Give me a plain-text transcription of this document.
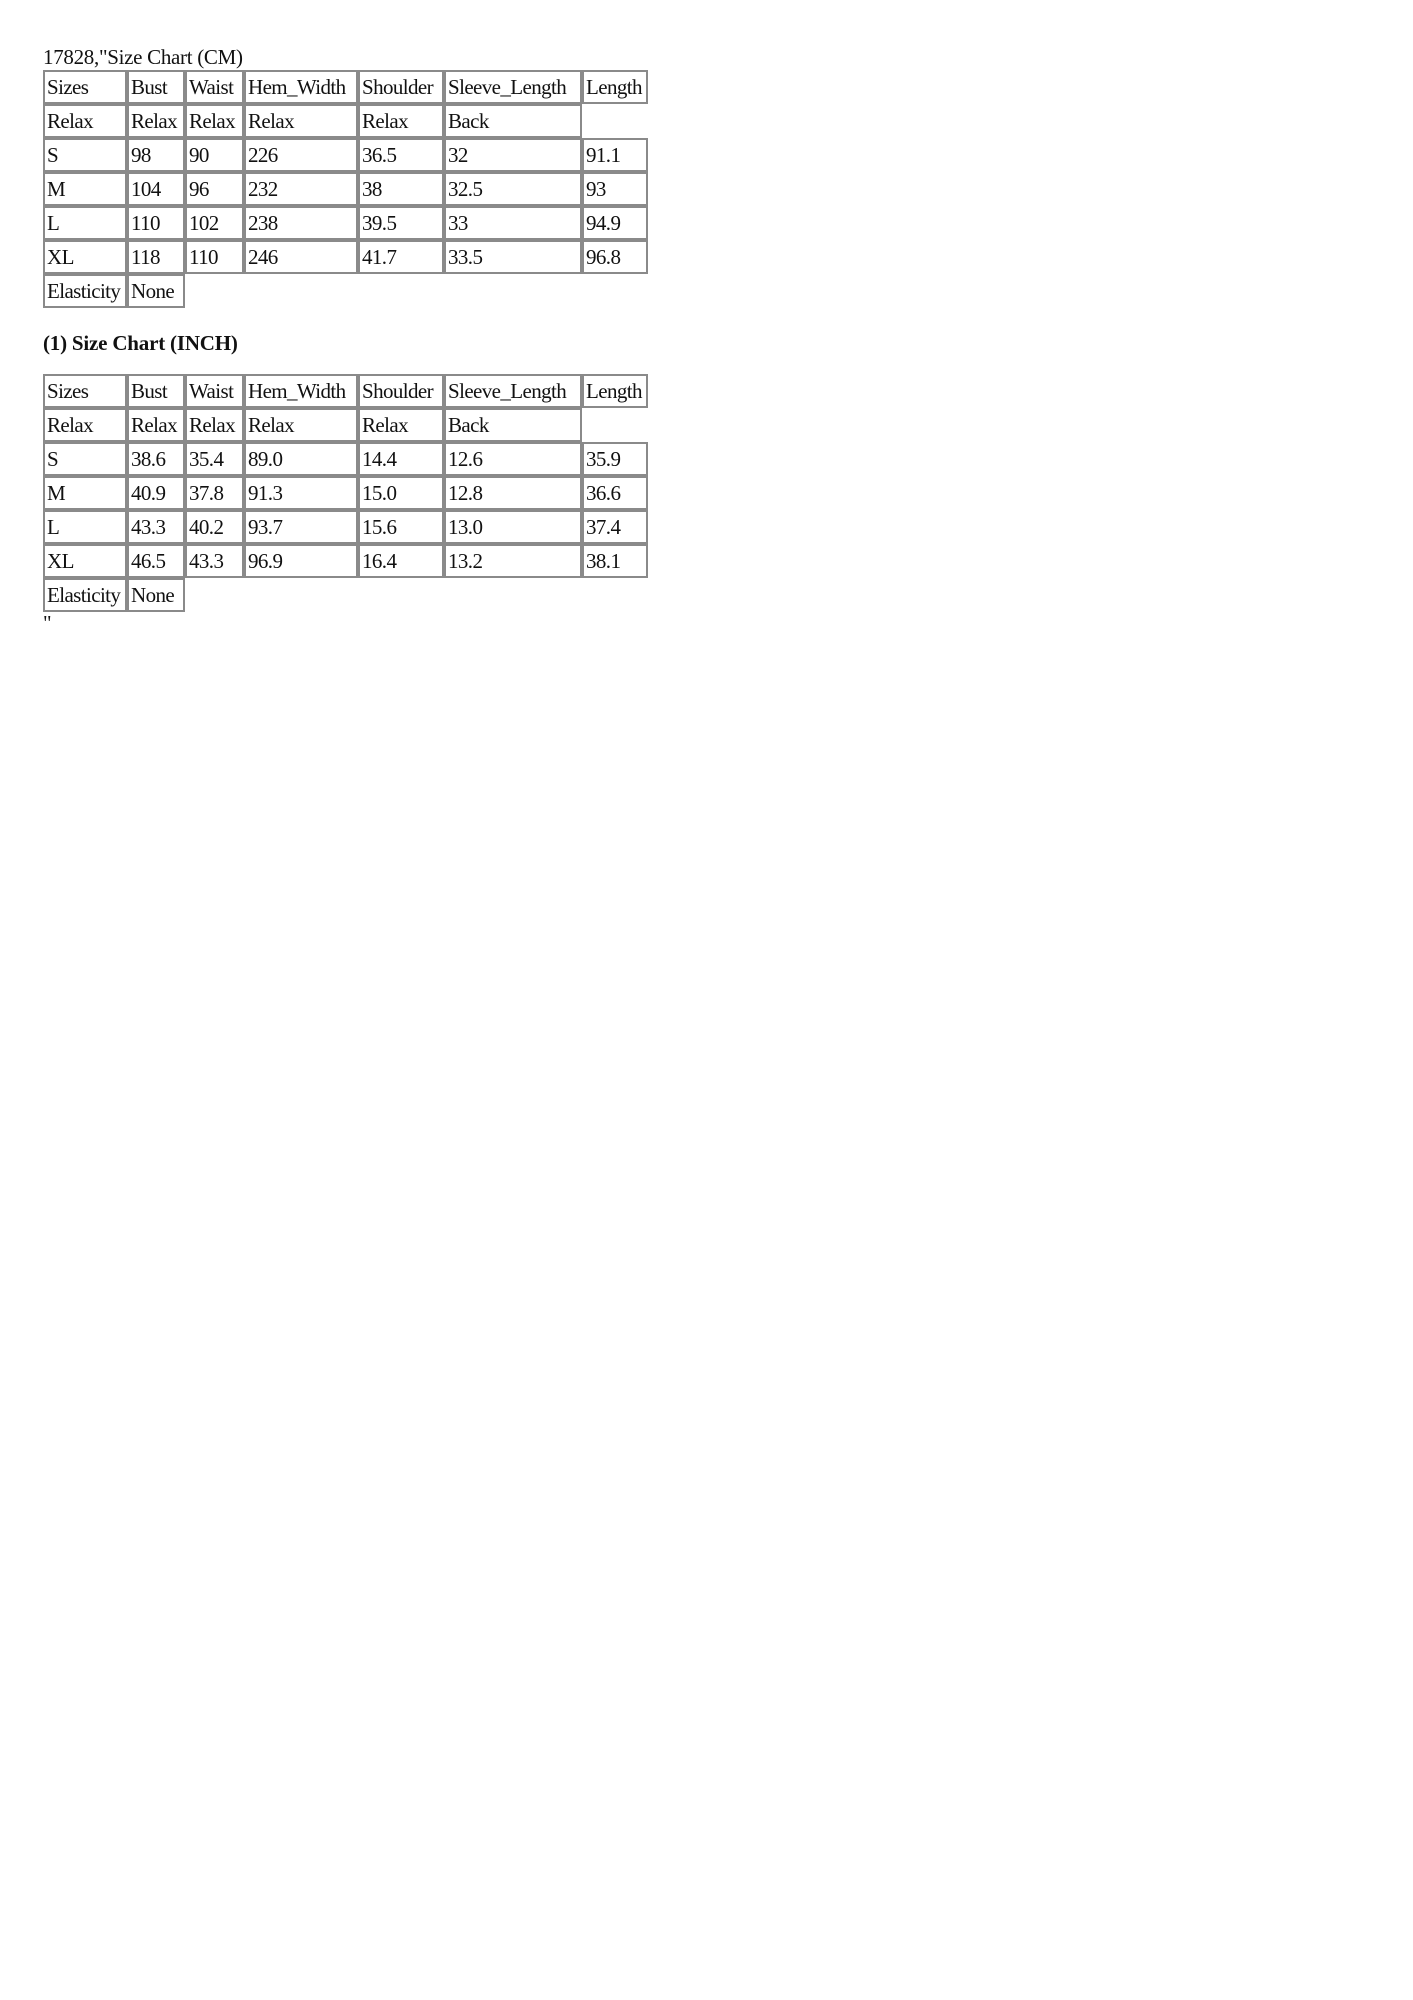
17828,"Size Chart (CM)
Sizes	Bust	Waist	Hem_Width	Shoulder	Sleeve_Length	Length
Relax	Relax	Relax	Relax	Relax	Back	
S	98	90	226	36.5	32	91.1
M	104	96	232	38	32.5	93
L	110	102	238	39.5	33	94.9
XL	118	110	246	41.7	33.5	96.8
Elasticity	None					
(1) Size Chart (INCH)
Sizes	Bust	Waist	Hem_Width	Shoulder	Sleeve_Length	Length
Relax	Relax	Relax	Relax	Relax	Back	
S	38.6	35.4	89.0	14.4	12.6	35.9
M	40.9	37.8	91.3	15.0	12.8	36.6
L	43.3	40.2	93.7	15.6	13.0	37.4
XL	46.5	43.3	96.9	16.4	13.2	38.1
Elasticity	None					
"
